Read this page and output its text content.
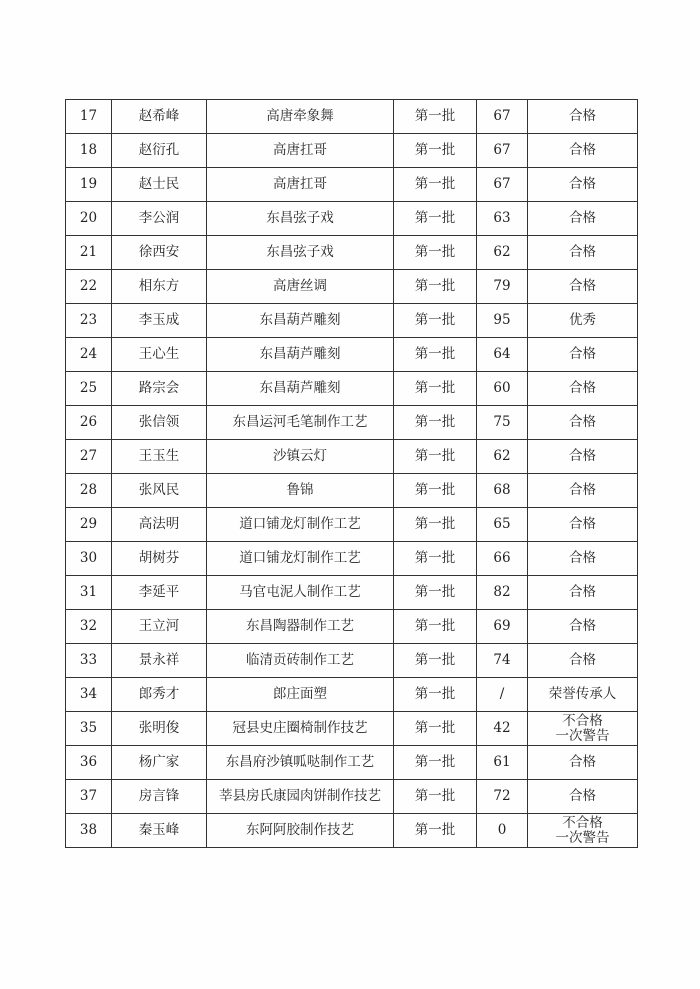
17	赵希峰	高唐牵象舞	第一批	67	合格

18	赵衍孔	高唐扛哥	第一批	67	合格

19	赵士民	高唐扛哥	第一批	67	合格

20	李公润	东昌弦子戏	第一批	63	合格

21	徐西安	东昌弦子戏	第一批	62	合格

22	相东方	高唐丝调	第一批	79	合格

23	李玉成	东昌葫芦雕刻	第一批	95	优秀

24	王心生	东昌葫芦雕刻	第一批	64	合格

25	路宗会	东昌葫芦雕刻	第一批	60	合格

26	张信领	东昌运河毛笔制作工艺	第一批	75	合格

27	王玉生	沙镇云灯	第一批	62	合格

28	张风民	鲁锦	第一批	68	合格

29	高法明	道口铺龙灯制作工艺	第一批	65	合格

30	胡树芬	道口铺龙灯制作工艺	第一批	66	合格

31	李延平	马官屯泥人制作工艺	第一批	82	合格

32	王立河	东昌陶器制作工艺	第一批	69	合格

33	景永祥	临清贡砖制作工艺	第一批	74	合格

34	郎秀才	郎庄面塑	第一批	/	荣誉传承人

35	张明俊	冠县史庄圈椅制作技艺	第一批	42	不合格
一次警告

36	杨广家	东昌府沙镇呱哒制作工艺	第一批	61	合格

37	房言锋	莘县房氏康园肉饼制作技艺	第一批	72	合格

38	秦玉峰	东阿阿胶制作技艺	第一批	0	不合格
一次警告
